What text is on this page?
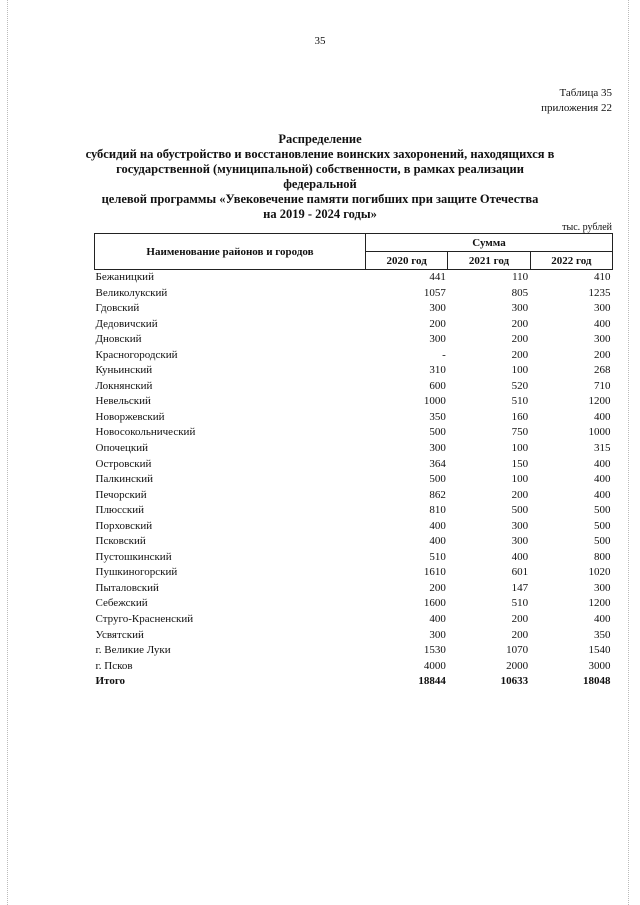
35
Таблица 35
приложения 22
Распределение
субсидий на обустройство и восстановление воинских захоронений, находящихся в
государственной (муниципальной) собственности, в рамках реализации федеральной
целевой программы «Увековечение памяти погибших при защите Отечества
на 2019 - 2024 годы»
тыс. рублей
Наименование районов и городов	Сумма		
	2020 год	2021 год	2022 год
Бежаницкий	441	110	410
Великолукский	1057	805	1235
Гдовский	300	300	300
Дедовичский	200	200	400
Дновский	300	200	300
Красногородский	-	200	200
Куньинский	310	100	268
Локнянский	600	520	710
Невельский	1000	510	1200
Новоржевский	350	160	400
Новосокольнический	500	750	1000
Опочецкий	300	100	315
Островский	364	150	400
Палкинский	500	100	400
Печорский	862	200	400
Плюсский	810	500	500
Порховский	400	300	500
Псковский	400	300	500
Пустошкинский	510	400	800
Пушкиногорский	1610	601	1020
Пыталовский	200	147	300
Себежский	1600	510	1200
Струго-Красненский	400	200	400
Усвятский	300	200	350
г. Великие Луки	1530	1070	1540
г. Псков	4000	2000	3000
Итого	18844	10633	18048
